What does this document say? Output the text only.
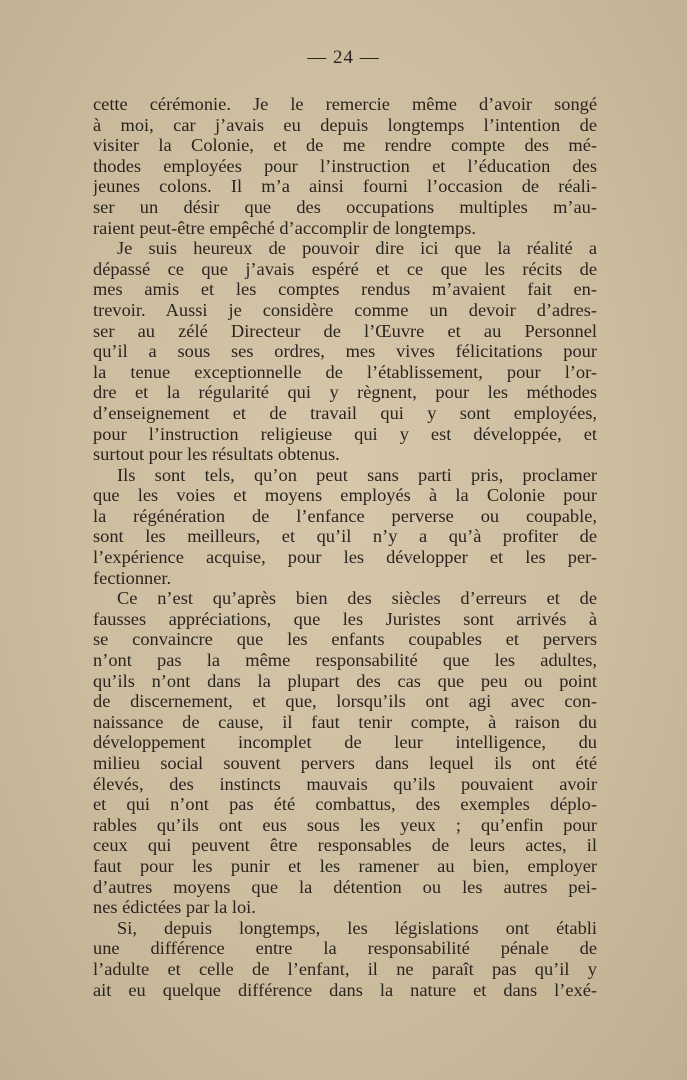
— 24 —
cette cérémonie. Je le remercie même d’avoir songé
à moi, car j’avais eu depuis longtemps l’intention de
visiter la Colonie, et de me rendre compte des mé-
thodes employées pour l’instruction et l’éducation des
jeunes colons. Il m’a ainsi fourni l’occasion de réali-
ser un désir que des occupations multiples m’au-
raient peut-être empêché d’accomplir de longtemps.
Je suis heureux de pouvoir dire ici que la réalité a
dépassé ce que j’avais espéré et ce que les récits de
mes amis et les comptes rendus m’avaient fait en-
trevoir. Aussi je considère comme un devoir d’adres-
ser au zélé Directeur de l’Œuvre et au Personnel
qu’il a sous ses ordres, mes vives félicitations pour
la tenue exceptionnelle de l’établissement, pour l’or-
dre et la régularité qui y règnent, pour les méthodes
d’enseignement et de travail qui y sont employées,
pour l’instruction religieuse qui y est développée, et
surtout pour les résultats obtenus.
Ils sont tels, qu’on peut sans parti pris, proclamer
que les voies et moyens employés à la Colonie pour
la régénération de l’enfance perverse ou coupable,
sont les meilleurs, et qu’il n’y a qu’à profiter de
l’expérience acquise, pour les développer et les per-
fectionner.
Ce n’est qu’après bien des siècles d’erreurs et de
fausses appréciations, que les Juristes sont arrivés à
se convaincre que les enfants coupables et pervers
n’ont pas la même responsabilité que les adultes,
qu’ils n’ont dans la plupart des cas que peu ou point
de discernement, et que, lorsqu’ils ont agi avec con-
naissance de cause, il faut tenir compte, à raison du
développement incomplet de leur intelligence, du
milieu social souvent pervers dans lequel ils ont été
élevés, des instincts mauvais qu’ils pouvaient avoir
et qui n’ont pas été combattus, des exemples déplo-
rables qu’ils ont eus sous les yeux ; qu’enfin pour
ceux qui peuvent être responsables de leurs actes, il
faut pour les punir et les ramener au bien, employer
d’autres moyens que la détention ou les autres pei-
nes édictées par la loi.
Si, depuis longtemps, les législations ont établi
une différence entre la responsabilité pénale de
l’adulte et celle de l’enfant, il ne paraît pas qu’il y
ait eu quelque différence dans la nature et dans l’exé-
